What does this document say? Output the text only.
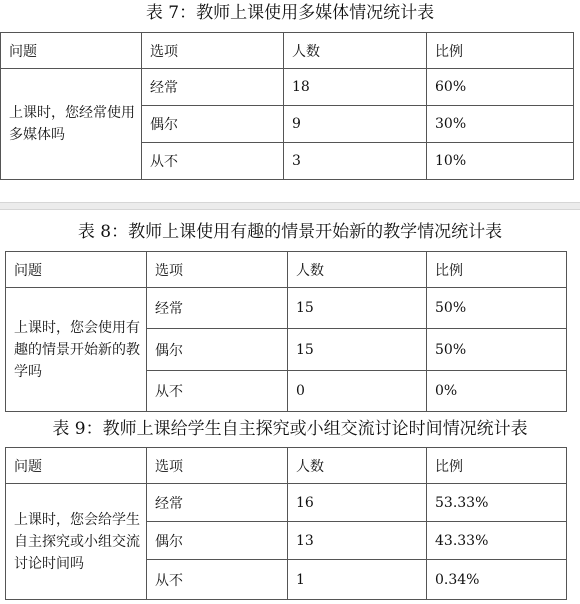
表 7：教师上课使用多媒体情况统计表
问题	选项	人数	比例
上课时，您经常使用多媒体吗	经常	18	60%
	偶尔	9	30%
	从不	3	10%
表 8：教师上课使用有趣的情景开始新的教学情况统计表
问题	选项	人数	比例
上课时，您会使用有趣的情景开始新的教学吗	经常	15	50%
	偶尔	15	50%
	从不	0	0%
表 9：教师上课给学生自主探究或小组交流讨论时间情况统计表
问题	选项	人数	比例
上课时，您会给学生自主探究或小组交流讨论时间吗	经常	16	53.33%
	偶尔	13	43.33%
	从不	1	0.34%
